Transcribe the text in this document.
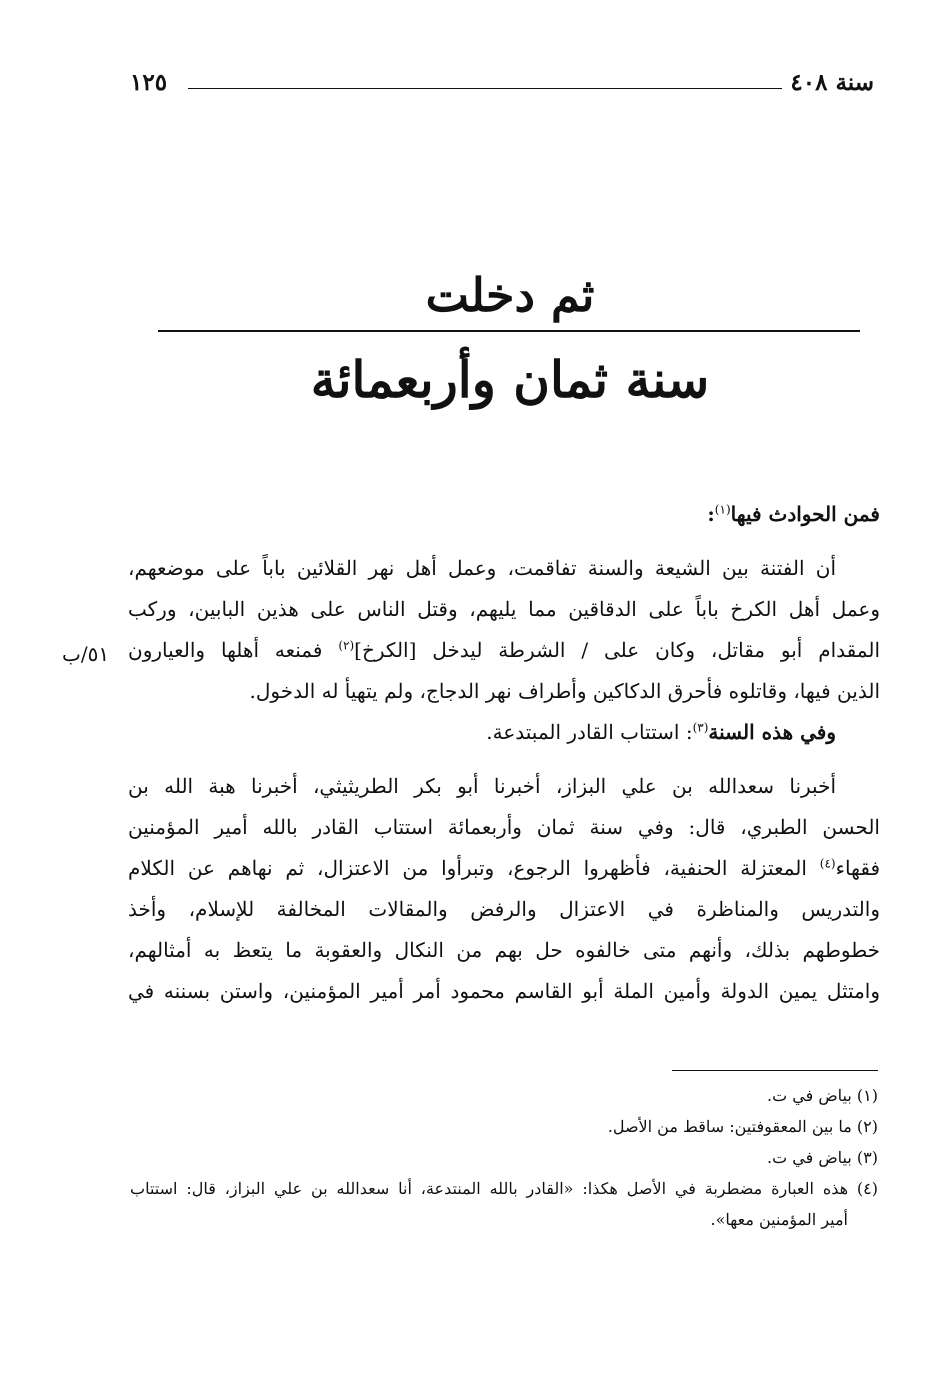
سنة ٤٠٨
١٢٥
ثم دخلت
سنة ثمان وأربعمائة
فمن الحوادث فيها$^{(١)}$:
أن الفتنة بين الشيعة والسنة تفاقمت، وعمل أهل نهر القلائين باباً على موضعهم،
وعمل أهل الكرخ باباً على الدقاقين مما يليهم، وقتل الناس على هذين البابين، وركب
المقدام أبو مقاتل، وكان على / الشرطة ليدخل [الكرخ]$^{(٢)}$ فمنعه أهلها والعيارون
الذين فيها، وقاتلوه فأحرق الدكاكين وأطراف نهر الدجاج، ولم يتهيأ له الدخول.
وفي هذه السنة$^{(٣)}$: استتاب القادر المبتدعة.
أخبرنا سعدالله بن علي البزاز، أخبرنا أبو بكر الطريثيثي، أخبرنا هبة الله بن
الحسن الطبري، قال: وفي سنة ثمان وأربعمائة استتاب القادر بالله أمير المؤمنين
فقهاء$^{(٤)}$ المعتزلة الحنفية، فأظهروا الرجوع، وتبرأوا من الاعتزال، ثم نهاهم عن الكلام
والتدريس والمناظرة في الاعتزال والرفض والمقالات المخالفة للإسلام، وأخذ
خطوطهم بذلك، وأنهم متى خالفوه حل بهم من النكال والعقوبة ما يتعظ به أمثالهم،
وامتثل يمين الدولة وأمين الملة أبو القاسم محمود أمر أمير المؤمنين، واستن بسننه في
٥١/ب
(١) بياض في ت.
(٢) ما بين المعقوفتين: ساقط من الأصل.
(٣) بياض في ت.
(٤) هذه العبارة مضطربة في الأصل هكذا: «القادر بالله المنتدعة، أنا سعدالله بن علي البزاز، قال: استتاب
أمير المؤمنين معها».
